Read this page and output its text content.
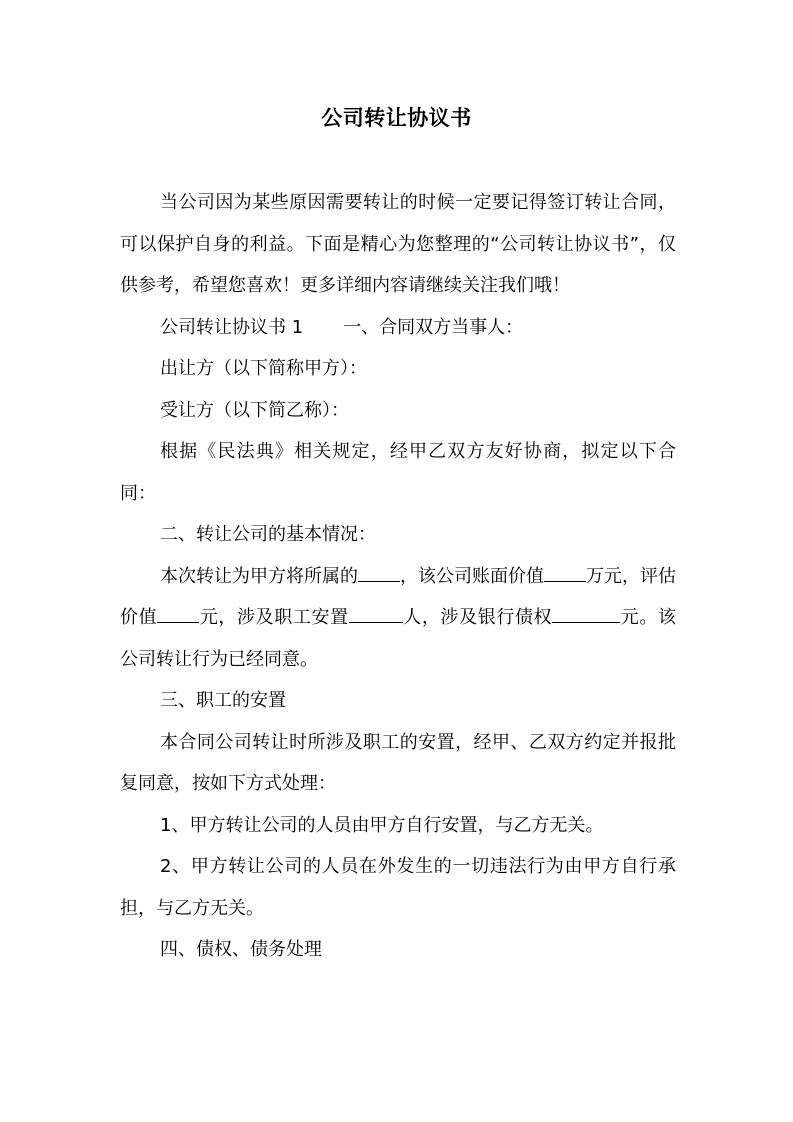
公司转让协议书

当公司因为某些原因需要转让的时候一定要记得签订转让合同，可以保护自身的利益。下面是精心为您整理的“公司转让协议书”，仅供参考，希望您喜欢！更多详细内容请继续关注我们哦！

公司转让协议书 1 一、合同双方当事人：

出让方（以下简称甲方）：

受让方（以下简乙称）：

根据《民法典》相关规定，经甲乙双方友好协商，拟定以下合同：

二、转让公司的基本情况：

本次转让为甲方将所属的 ，该公司账面价值 万元，评估价值 元，涉及职工安置	人，涉及银行债权	元。该公司转让行为已经同意。

三、职工的安置

本合同公司转让时所涉及职工的安置，经甲、乙双方约定并报批复同意，按如下方式处理：

1、甲方转让公司的人员由甲方自行安置，与乙方无关。

2、甲方转让公司的人员在外发生的一切违法行为由甲方自行承担，与乙方无关。

四、债权、债务处理
